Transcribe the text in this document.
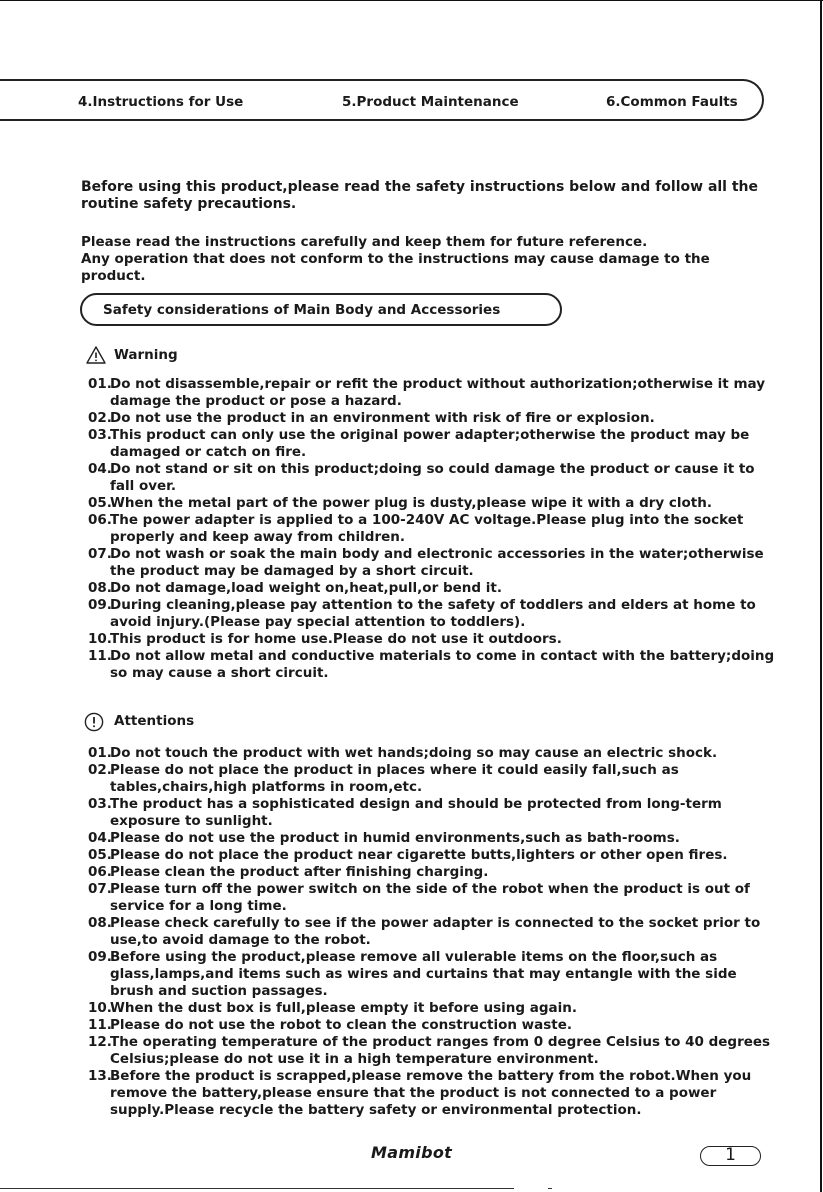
4.Instructions for Use	5.Product Maintenance	6.Common Faults
Before using this product,please read the safety instructions below and follow all the routine safety precautions.
Please read the instructions carefully and keep them for future reference.
Any operation that does not conform to the instructions may cause damage to the product.
Safety considerations of Main Body and Accessories
Warning
01.
Do not disassemble,repair or refit the product without authorization;otherwise it may damage the product or pose a hazard.
02.
Do not use the product in an environment with risk of fire or explosion.
03.
This product can only use the original power adapter;otherwise the product may be damaged or catch on fire.
04.
Do not stand or sit on this product;doing so could damage the product or cause it to fall over.
05.
When the metal part of the power plug is dusty,please wipe it with a dry cloth.
06.
The power adapter is applied to a 100-240V AC voltage.Please plug into the socket properly and keep away from children.
07.
Do not wash or soak the main body and electronic accessories in the water;otherwise the product may be damaged by a short circuit.
08.
Do not damage,load weight on,heat,pull,or bend it.
09.
During cleaning,please pay attention to the safety of toddlers and elders at home to avoid injury.(Please pay special attention to toddlers).
10.
This product is for home use.Please do not use it outdoors.
11.
Do not allow metal and conductive materials to come in contact with the battery;doing so may cause a short circuit.
Attentions
01.
Do not touch the product with wet hands;doing so may cause an electric shock.
02.
Please do not place the product in places where it could easily fall,such as tables,chairs,high platforms in room,etc.
03.
The product has a sophisticated design and should be protected from long-term exposure to sunlight.
04.
Please do not use the product in humid environments,such as bath-rooms.
05.
Please do not place the product near cigarette butts,lighters or other open fires.
06.
Please clean the product after finishing charging.
07.
Please turn off the power switch on the side of the robot when the product is out of service for a long time.
08.
Please check carefully to see if the power adapter is connected to the socket prior to use,to avoid damage to the robot.
09.
Before using the product,please remove all vulerable items on the floor,such as glass,lamps,and items such as wires and curtains that may entangle with the side brush and suction passages.
10.
When the dust box is full,please empty it before using again.
11.
Please do not use the robot to clean the construction waste.
12.
The operating temperature of the product ranges from 0 degree Celsius to 40 degrees Celsius;please do not use it in a high temperature environment.
13.
Before the product is scrapped,please remove the battery from the robot.When you remove the battery,please ensure that the product is not connected to a power supply.Please recycle the battery safety or environmental protection.
Mamibot	1
